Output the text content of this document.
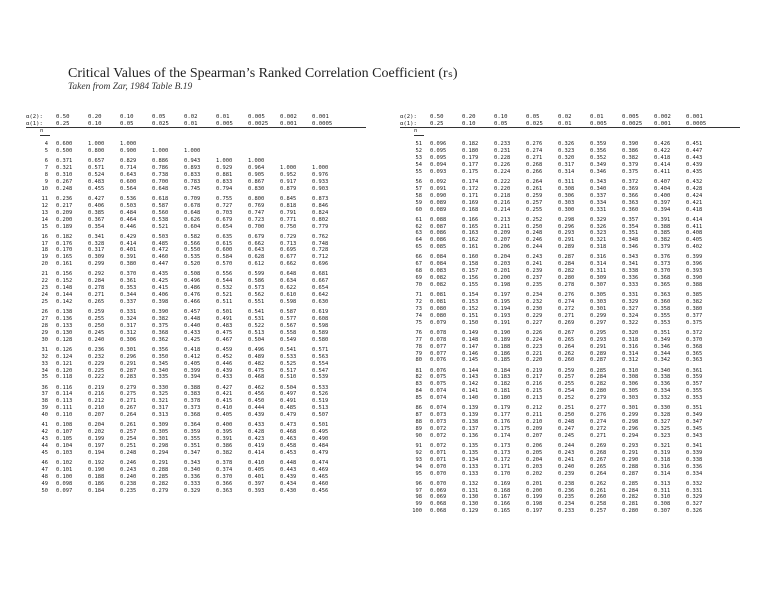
Critical Values of the Spearman’s Ranked Correlation Coefficient (rₛ)
Taken from Zar, 1984 Table B.19
α(2):	0.50	0.20	0.10	0.05	0.02	0.01	0.005	0.002	0.001
α(1):	0.25	0.10	0.05	0.025	0.01	0.005	0.0025	0.001	0.0005
n
4	0.600	1.000	1.000
5	0.500	0.800	0.900	1.000	1.000
6	0.371	0.657	0.829	0.886	0.943	1.000	1.000
7	0.321	0.571	0.714	0.786	0.893	0.929	0.964	1.000	1.000
8	0.310	0.524	0.643	0.738	0.833	0.881	0.905	0.952	0.976
9	0.267	0.483	0.600	0.700	0.783	0.833	0.867	0.917	0.933
10	0.248	0.455	0.564	0.648	0.745	0.794	0.830	0.879	0.903
11	0.236	0.427	0.536	0.618	0.709	0.755	0.800	0.845	0.873
12	0.217	0.406	0.503	0.587	0.678	0.727	0.769	0.818	0.846
13	0.209	0.385	0.484	0.560	0.648	0.703	0.747	0.791	0.824
14	0.200	0.367	0.464	0.538	0.626	0.679	0.723	0.771	0.802
15	0.189	0.354	0.446	0.521	0.604	0.654	0.700	0.750	0.779
16	0.182	0.341	0.429	0.503	0.582	0.635	0.679	0.729	0.762
17	0.176	0.328	0.414	0.485	0.566	0.615	0.662	0.713	0.748
18	0.170	0.317	0.401	0.472	0.550	0.600	0.643	0.695	0.728
19	0.165	0.309	0.391	0.460	0.535	0.584	0.628	0.677	0.712
20	0.161	0.299	0.380	0.447	0.520	0.570	0.612	0.662	0.696
21	0.156	0.292	0.370	0.435	0.508	0.556	0.599	0.648	0.681
22	0.152	0.284	0.361	0.425	0.496	0.544	0.586	0.634	0.667
23	0.148	0.278	0.353	0.415	0.486	0.532	0.573	0.622	0.654
24	0.144	0.271	0.344	0.406	0.476	0.521	0.562	0.610	0.642
25	0.142	0.265	0.337	0.398	0.466	0.511	0.551	0.598	0.630
26	0.138	0.259	0.331	0.390	0.457	0.501	0.541	0.587	0.619
27	0.136	0.255	0.324	0.382	0.448	0.491	0.531	0.577	0.608
28	0.133	0.250	0.317	0.375	0.440	0.483	0.522	0.567	0.598
29	0.130	0.245	0.312	0.368	0.433	0.475	0.513	0.558	0.589
30	0.128	0.240	0.306	0.362	0.425	0.467	0.504	0.549	0.580
31	0.126	0.236	0.301	0.356	0.418	0.459	0.496	0.541	0.571
32	0.124	0.232	0.296	0.350	0.412	0.452	0.489	0.533	0.563
33	0.121	0.229	0.291	0.345	0.405	0.446	0.482	0.525	0.554
34	0.120	0.225	0.287	0.340	0.399	0.439	0.475	0.517	0.547
35	0.118	0.222	0.283	0.335	0.394	0.433	0.468	0.510	0.539
36	0.116	0.219	0.279	0.330	0.388	0.427	0.462	0.504	0.533
37	0.114	0.216	0.275	0.325	0.383	0.421	0.456	0.497	0.526
38	0.113	0.212	0.271	0.321	0.378	0.415	0.450	0.491	0.519
39	0.111	0.210	0.267	0.317	0.373	0.410	0.444	0.485	0.513
40	0.110	0.207	0.264	0.313	0.368	0.405	0.439	0.479	0.507
41	0.108	0.204	0.261	0.309	0.364	0.400	0.433	0.473	0.501
42	0.107	0.202	0.257	0.305	0.359	0.395	0.428	0.468	0.495
43	0.105	0.199	0.254	0.301	0.355	0.391	0.423	0.463	0.490
44	0.104	0.197	0.251	0.298	0.351	0.386	0.419	0.458	0.484
45	0.103	0.194	0.248	0.294	0.347	0.382	0.414	0.453	0.479
46	0.102	0.192	0.246	0.291	0.343	0.378	0.410	0.448	0.474
47	0.101	0.190	0.243	0.288	0.340	0.374	0.405	0.443	0.469
48	0.100	0.188	0.240	0.285	0.336	0.370	0.401	0.439	0.465
49	0.098	0.186	0.238	0.282	0.333	0.366	0.397	0.434	0.460
50	0.097	0.184	0.235	0.279	0.329	0.363	0.393	0.430	0.456
α(2):	0.50	0.20	0.10	0.05	0.02	0.01	0.005	0.002	0.001
α(1):	0.25	0.10	0.05	0.025	0.01	0.005	0.0025	0.001	0.0005
n
51	0.096	0.182	0.233	0.276	0.326	0.359	0.390	0.426	0.451
52	0.095	0.180	0.231	0.274	0.323	0.356	0.386	0.422	0.447
53	0.095	0.179	0.228	0.271	0.320	0.352	0.382	0.418	0.443
54	0.094	0.177	0.226	0.268	0.317	0.349	0.379	0.414	0.439
55	0.093	0.175	0.224	0.266	0.314	0.346	0.375	0.411	0.435
56	0.092	0.174	0.222	0.264	0.311	0.343	0.372	0.407	0.432
57	0.091	0.172	0.220	0.261	0.308	0.340	0.369	0.404	0.428
58	0.090	0.171	0.218	0.259	0.306	0.337	0.366	0.400	0.424
59	0.089	0.169	0.216	0.257	0.303	0.334	0.363	0.397	0.421
60	0.089	0.168	0.214	0.255	0.300	0.331	0.360	0.394	0.418
61	0.088	0.166	0.213	0.252	0.298	0.329	0.357	0.391	0.414
62	0.087	0.165	0.211	0.250	0.296	0.326	0.354	0.388	0.411
63	0.086	0.163	0.209	0.248	0.293	0.323	0.351	0.385	0.408
64	0.086	0.162	0.207	0.246	0.291	0.321	0.348	0.382	0.405
65	0.085	0.161	0.206	0.244	0.289	0.318	0.346	0.379	0.402
66	0.084	0.160	0.204	0.243	0.287	0.316	0.343	0.376	0.399
67	0.084	0.158	0.203	0.241	0.284	0.314	0.341	0.373	0.396
68	0.083	0.157	0.201	0.239	0.282	0.311	0.338	0.370	0.393
69	0.082	0.156	0.200	0.237	0.280	0.309	0.336	0.368	0.390
70	0.082	0.155	0.198	0.235	0.278	0.307	0.333	0.365	0.388
71	0.081	0.154	0.197	0.234	0.276	0.305	0.331	0.363	0.385
72	0.081	0.153	0.195	0.232	0.274	0.303	0.329	0.360	0.382
73	0.080	0.152	0.194	0.230	0.272	0.301	0.327	0.358	0.380
74	0.080	0.151	0.193	0.229	0.271	0.299	0.324	0.355	0.377
75	0.079	0.150	0.191	0.227	0.269	0.297	0.322	0.353	0.375
76	0.078	0.149	0.190	0.226	0.267	0.295	0.320	0.351	0.372
77	0.078	0.148	0.189	0.224	0.265	0.293	0.318	0.349	0.370
78	0.077	0.147	0.188	0.223	0.264	0.291	0.316	0.346	0.368
79	0.077	0.146	0.186	0.221	0.262	0.289	0.314	0.344	0.365
80	0.076	0.145	0.185	0.220	0.260	0.287	0.312	0.342	0.363
81	0.076	0.144	0.184	0.219	0.259	0.285	0.310	0.340	0.361
82	0.075	0.143	0.183	0.217	0.257	0.284	0.308	0.338	0.359
83	0.075	0.142	0.182	0.216	0.255	0.282	0.306	0.336	0.357
84	0.074	0.141	0.181	0.215	0.254	0.280	0.305	0.334	0.355
85	0.074	0.140	0.180	0.213	0.252	0.279	0.303	0.332	0.353
86	0.074	0.139	0.179	0.212	0.251	0.277	0.301	0.330	0.351
87	0.073	0.139	0.177	0.211	0.250	0.276	0.299	0.328	0.349
88	0.073	0.138	0.176	0.210	0.248	0.274	0.298	0.327	0.347
89	0.072	0.137	0.175	0.209	0.247	0.272	0.296	0.325	0.345
90	0.072	0.136	0.174	0.207	0.245	0.271	0.294	0.323	0.343
91	0.072	0.135	0.173	0.206	0.244	0.269	0.293	0.321	0.341
92	0.071	0.135	0.173	0.205	0.243	0.268	0.291	0.319	0.339
93	0.071	0.134	0.172	0.204	0.241	0.267	0.290	0.318	0.338
94	0.070	0.133	0.171	0.203	0.240	0.265	0.288	0.316	0.336
95	0.070	0.133	0.170	0.202	0.239	0.264	0.287	0.314	0.334
96	0.070	0.132	0.169	0.201	0.238	0.262	0.285	0.313	0.332
97	0.069	0.131	0.168	0.200	0.236	0.261	0.284	0.311	0.331
98	0.069	0.130	0.167	0.199	0.235	0.260	0.282	0.310	0.329
99	0.068	0.130	0.166	0.198	0.234	0.258	0.281	0.308	0.327
100	0.068	0.129	0.165	0.197	0.233	0.257	0.280	0.307	0.326
